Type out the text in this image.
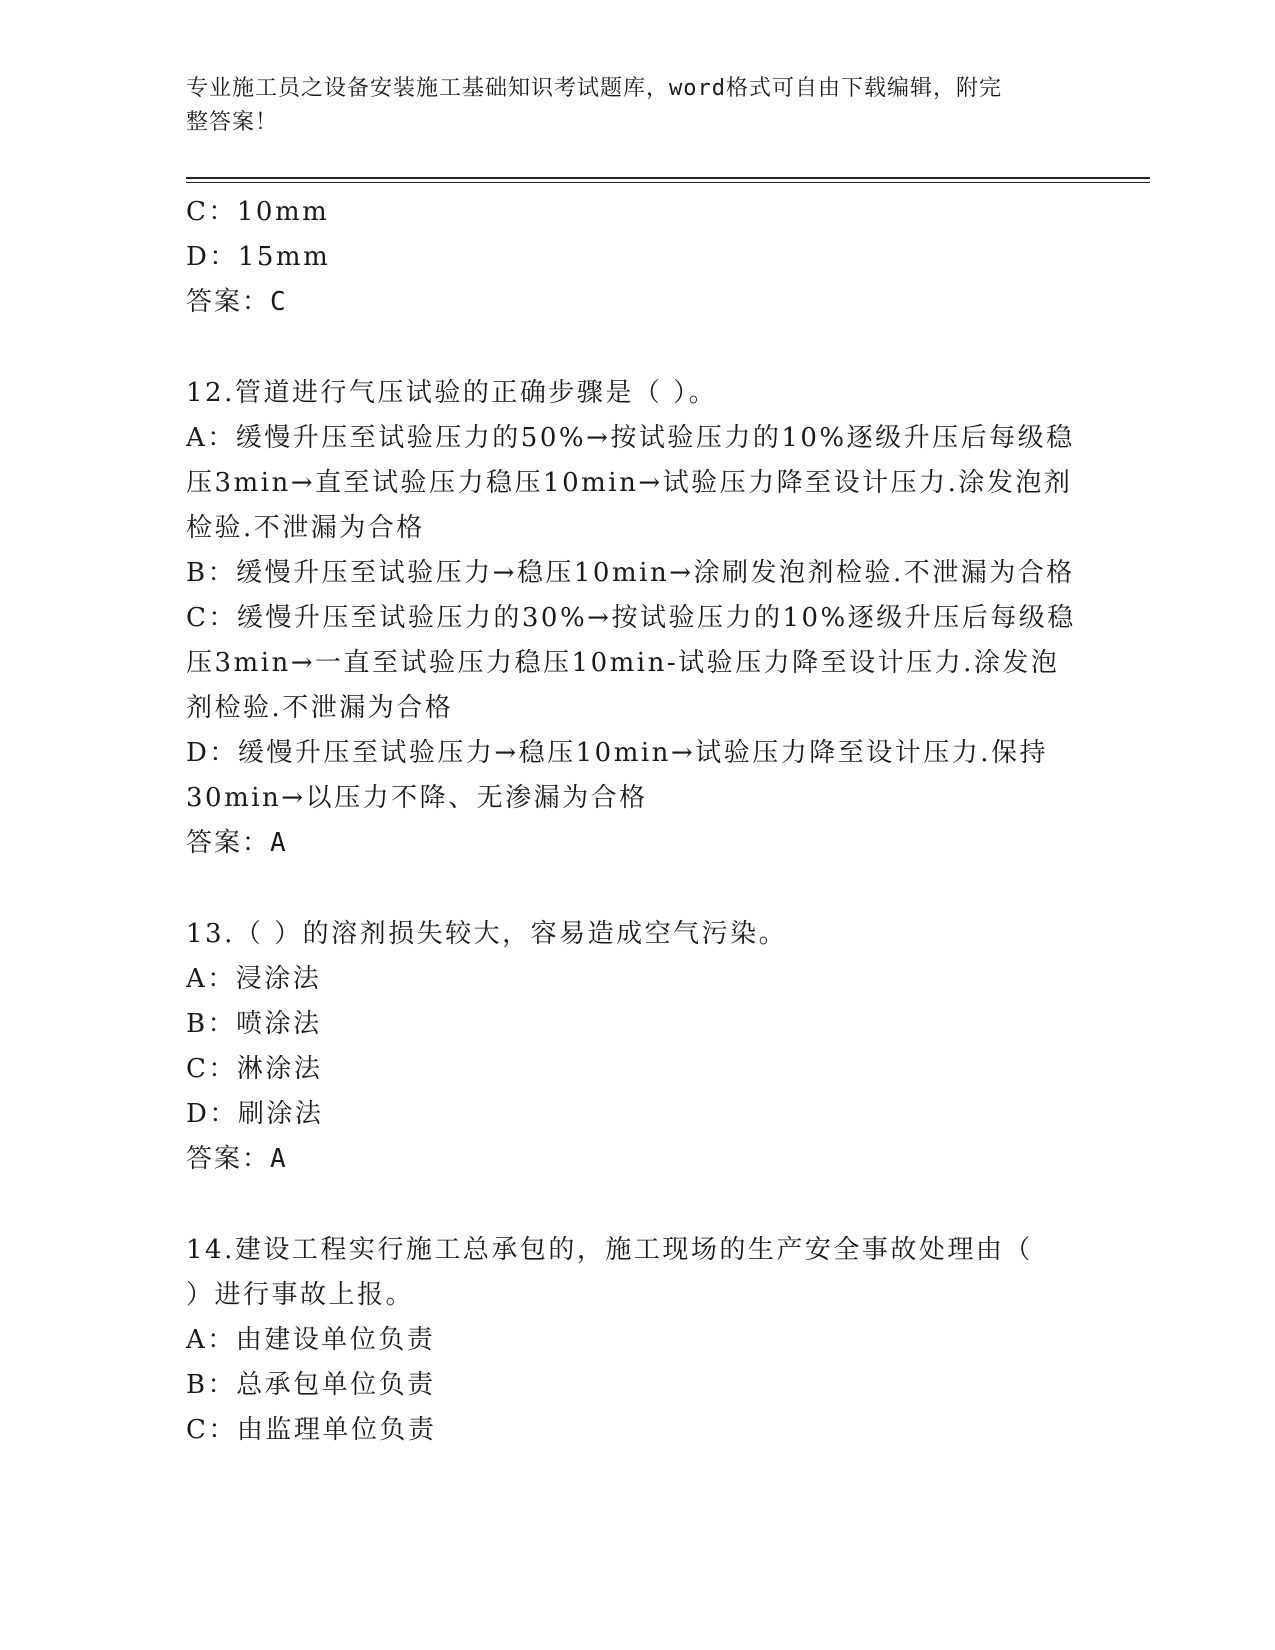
专业施工员之设备安装施工基础知识考试题库，word格式可自由下载编辑，附完
整答案！
C：10mm
D：15mm
答案：C
12.管道进行气压试验的正确步骤是（ ）。
A：缓慢升压至试验压力的50%→按试验压力的10%逐级升压后每级稳
压3min→直至试验压力稳压10min→试验压力降至设计压力.涂发泡剂
检验.不泄漏为合格
B：缓慢升压至试验压力→稳压10min→涂刷发泡剂检验.不泄漏为合格
C：缓慢升压至试验压力的30%→按试验压力的10%逐级升压后每级稳
压3min→一直至试验压力稳压10min-试验压力降至设计压力.涂发泡
剂检验.不泄漏为合格
D：缓慢升压至试验压力→稳压10min→试验压力降至设计压力.保持
30min→以压力不降、无渗漏为合格
答案：A
13.（ ）的溶剂损失较大，容易造成空气污染。
A：浸涂法
B：喷涂法
C：淋涂法
D：刷涂法
答案：A
14.建设工程实行施工总承包的，施工现场的生产安全事故处理由（
）进行事故上报。
A：由建设单位负责
B：总承包单位负责
C：由监理单位负责
